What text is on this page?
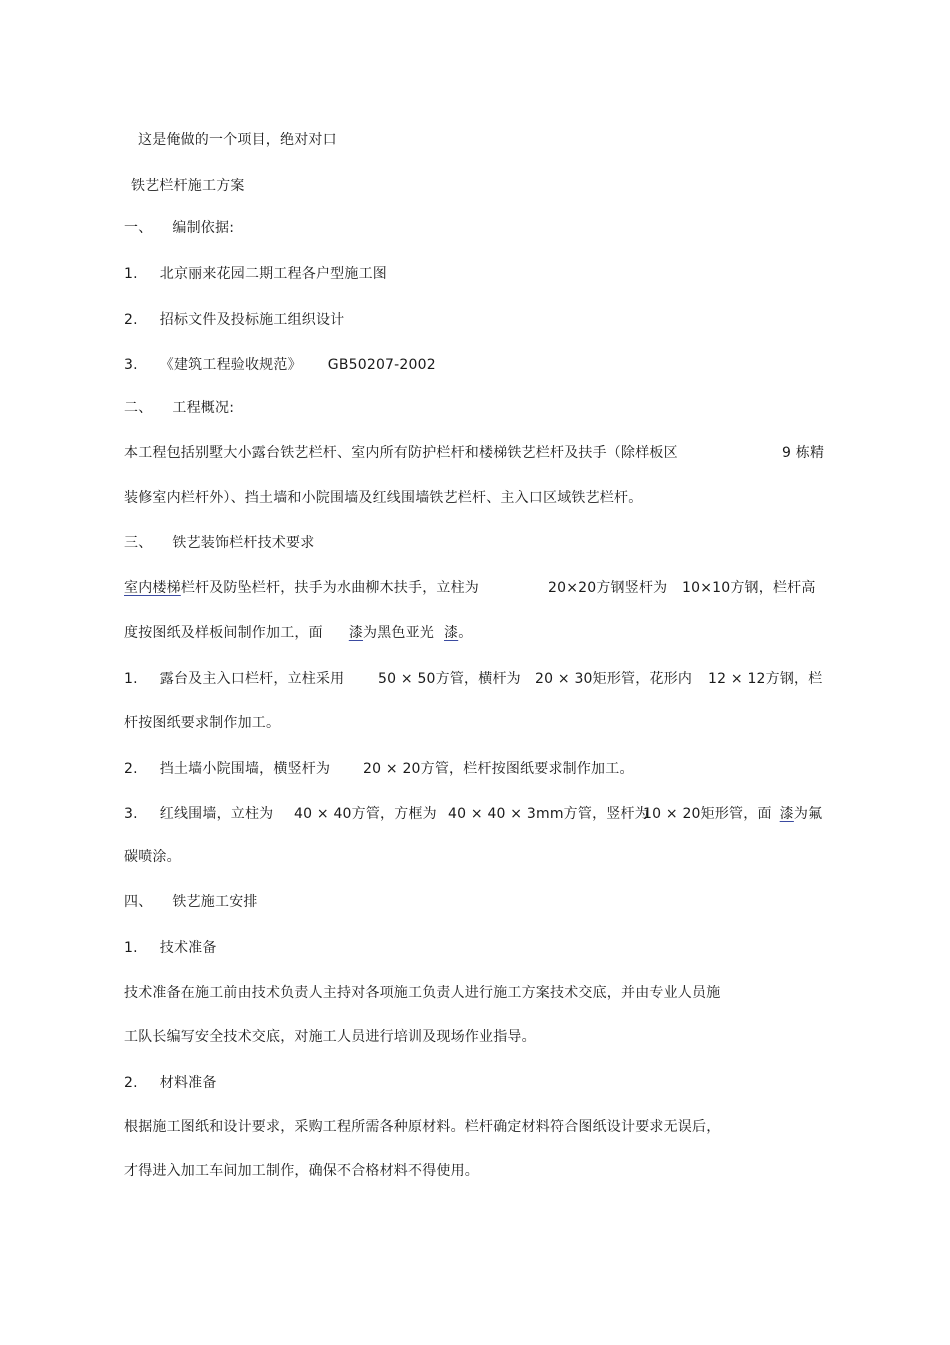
这是俺做的一个项目，绝对对口
铁艺栏杆施工方案
一、 编制依据:
1. 北京丽来花园二期工程各户型施工图
2. 招标文件及投标施工组织设计
3. 《建筑工程验收规范》 GB50207-2002
二、 工程概况:
本工程包括别墅大小露台铁艺栏杆、室内所有防护栏杆和楼梯铁艺栏杆及扶手（除样板区	9 栋精
装修室内栏杆外）、挡土墙和小院围墙及红线围墙铁艺栏杆、主入口区域铁艺栏杆。
三、 铁艺装饰栏杆技术要求
室内楼梯栏杆及防坠栏杆，扶手为水曲柳木扶手，立柱为	20×20方钢竖杆为 10×10方钢，栏杆高
度按图纸及样板间制作加工，面 漆为黑色亚光 漆。
1. 露台及主入口栏杆，立柱采用 50 × 50方管，横杆为 20 × 30矩形管，花形内 12 × 12方钢，栏
杆按图纸要求制作加工。
2. 挡土墙小院围墙，横竖杆为 20 × 20方管，栏杆按图纸要求制作加工。
3. 红线围墙，立柱为 40 × 40方管，方框为 40 × 40 × 3mm方管，竖杆为
10 × 20矩形管，面 漆为氟
碳喷涂。
四、 铁艺施工安排
1. 技术准备
技术准备在施工前由技术负责人主持对各项施工负责人进行施工方案技术交底，并由专业人员施
工队长编写安全技术交底，对施工人员进行培训及现场作业指导。
2. 材料准备
根据施工图纸和设计要求，采购工程所需各种原材料。栏杆确定材料符合图纸设计要求无误后，
才得进入加工车间加工制作，确保不合格材料不得使用。
